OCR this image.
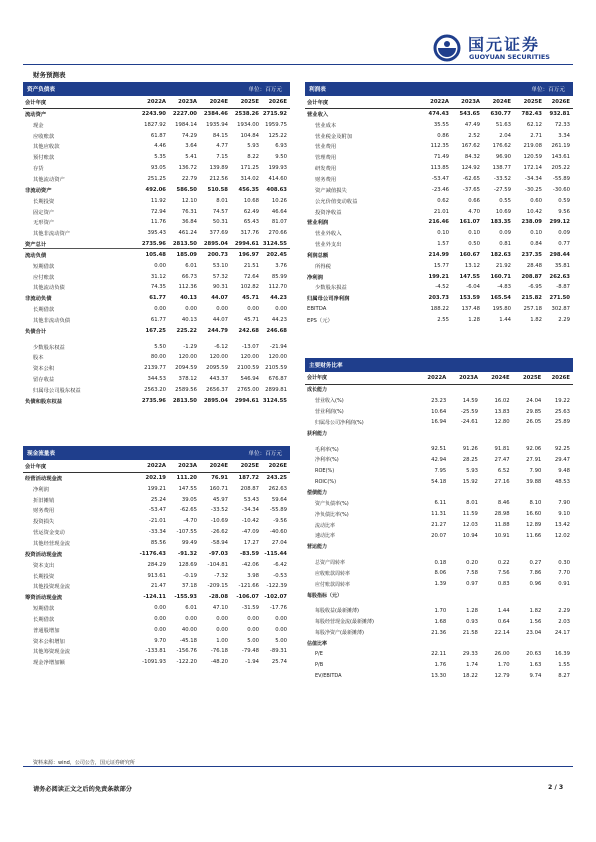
国元证券
GUOYUAN SECURITIES
财务预测表
资产负债表	单位：百万元
会计年度	2022A	2023A	2024E	2025E	2026E
流动资产	2243.90	2227.00	2384.46	2538.26 2715.92
现金	1827.92	1984.14	1935.94	1934.00	1959.75
应收账款	61.87	74.29	84.15	104.84	125.22
其他应收款	4.46	3.64	4.77	5.93	6.93
预付账款	5.35	5.41	7.15	8.22	9.50
存货	93.05	136.72	139.89	171.25	199.93
其他流动资产	251.25	22.79	212.56	314.02	414.60
非流动资产	492.06	586.50	510.58	456.35	408.63
长期投资	11.92	12.10	8.01	10.68	10.26
固定资产	72.94	76.31	74.57	62.49	46.64
无形资产	11.76	36.84	50.31	65.43	81.07
其他非流动资产	395.43	461.24	377.69	317.76	270.66
资产总计	2735.96	2813.50	2895.04	2994.61 3124.55
流动负债	105.48	185.09	200.73	196.97	202.45
短期借款	0.00	6.01	53.10	21.51	3.76
应付账款	31.12	66.73	57.32	72.64	85.99
其他流动负债	74.35	112.36	90.31	102.82	112.70
非流动负债	61.77	40.13	44.07	45.71	44.23
长期借款	0.00	0.00	0.00	0.00	0.00
其他非流动负债	61.77	40.13	44.07	45.71	44.23
负债合计	167.25	225.22	244.79	242.68	246.68
少数股东权益	5.50	-1.29	-6.12	-13.07	-21.94
股本	80.00	120.00	120.00	120.00	120.00
资本公积	2139.77	2094.59	2095.59	2100.59	2105.59
留存收益	344.53	378.12	443.37	546.94	676.87
归属母公司股东权益	2563.20	2589.56	2656.37	2765.00	2899.81
负债和股东权益	2735.96	2813.50	2895.04	2994.61 3124.55
现金流量表	单位：百万元
会计年度	2022A	2023A	2024E	2025E	2026E
经营活动现金流	202.19	111.20	76.91	187.72	243.25
净利润	199.21	147.55	160.71	208.87	262.63
折旧摊销	25.24	39.05	45.97	53.43	59.64
财务费用	-53.47	-62.65	-33.52	-34.34	-55.89
投资损失	-21.01	-4.70	-10.69	-10.42	-9.56
营运资金变动	-33.34	-107.55	-26.62	-47.09	-40.60
其他经营现金流	85.56	99.49	-58.94	17.27	27.04
投资活动现金流	-1176.43	-91.32	-97.03	-83.59	-115.44
资本支出	284.29	128.69	-104.81	-42.06	-6.42
长期投资	913.61	-0.19	-7.32	3.98	-0.53
其他投资现金流	21.47	37.18	-209.15	-121.66	-122.39
筹资活动现金流	-124.11	-155.93	-28.08	-106.07	-102.07
短期借款	0.00	6.01	47.10	-31.59	-17.76
长期借款	0.00	0.00	0.00	0.00	0.00
普通股增加	0.00	40.00	0.00	0.00	0.00
资本公积增加	9.70	-45.18	1.00	5.00	5.00
其他筹资现金流	-133.81	-156.76	-76.18	-79.48	-89.31
现金净增加额	-1091.93	-122.20	-48.20	-1.94	25.74
利润表	单位：百万元
会计年度	2022A	2023A	2024E	2025E	2026E
营业收入	474.43	543.65	630.77	782.43	932.81
营业成本	35.55	47.49	51.63	62.12	72.33
营业税金及附加	0.86	2.52	2.04	2.71	3.34
营业费用	112.35	167.62	176.62	219.08	261.19
管理费用	71.49	84.32	96.90	120.59	143.61
研发费用	113.85	124.92	138.77	172.14	205.22
财务费用	-53.47	-62.65	-33.52	-34.34	-55.89
资产减值损失	-23.46	-37.65	-27.59	-30.25	-30.60
公允价值变动收益	0.62	0.66	0.55	0.60	0.59
投资净收益	21.01	4.70	10.69	10.42	9.56
营业利润	216.46	161.07	183.35	238.09	299.12
营业外收入	0.10	0.10	0.09	0.10	0.09
营业外支出	1.57	0.50	0.81	0.84	0.77
利润总额	214.99	160.67	182.63	237.35	298.44
所得税	15.77	13.12	21.92	28.48	35.81
净利润	199.21	147.55	160.71	208.87	262.63
少数股东损益	-4.52	-6.04	-4.83	-6.95	-8.87
归属母公司净利润	203.73	153.59	165.54	215.82	271.50
EBITDA	188.22	137.48	195.80	257.18	302.87
EPS（元）	2.55	1.28	1.44	1.82	2.29
主要财务比率
会计年度	2022A	2023A	2024E	2025E	2026E
成长能力
营业收入(%)	23.23	14.59	16.02	24.04	19.22
营业利润(%)	10.64	-25.59	13.83	29.85	25.63
归属母公司净利润(%)	16.94	-24.61	12.80	26.05	25.89
获利能力
毛利率(%)	92.51	91.26	91.81	92.06	92.25
净利率(%)	42.94	28.25	27.47	27.91	29.47
ROE(%)	7.95	5.93	6.52	7.90	9.48
ROIC(%)	54.18	15.92	27.16	39.88	48.53
偿债能力
资产负债率(%)	6.11	8.01	8.46	8.10	7.90
净负债比率(%)	11.31	11.59	28.98	16.60	9.10
流动比率	21.27	12.03	11.88	12.89	13.42
速动比率	20.07	10.94	10.91	11.66	12.02
营运能力
总资产周转率	0.18	0.20	0.22	0.27	0.30
应收账款周转率	8.06	7.58	7.56	7.86	7.70
应付账款周转率	1.39	0.97	0.83	0.96	0.91
每股指标（元）
每股收益(最新摊薄)	1.70	1.28	1.44	1.82	2.29
每股经营现金流(最新摊薄)	1.68	0.93	0.64	1.56	2.03
每股净资产(最新摊薄)	21.36	21.58	22.14	23.04	24.17
估值比率
P/E	22.11	29.33	26.00	20.63	16.39
P/B	1.76	1.74	1.70	1.63	1.55
EV/EBITDA	13.30	18.22	12.79	9.74	8.27
资料来源：wind，公司公告，国元证券研究所
请务必阅读正文之后的免责条款部分	2 / 3
